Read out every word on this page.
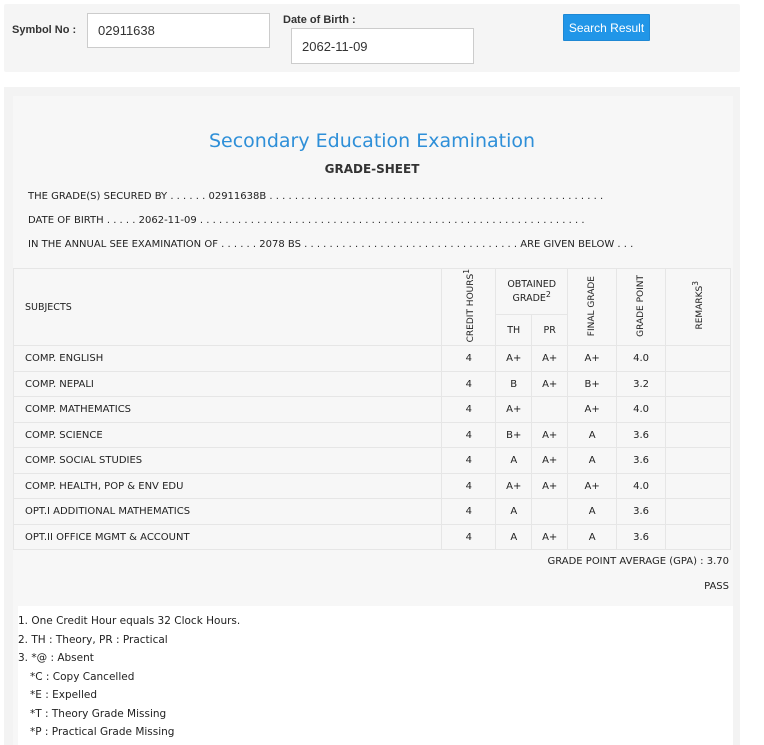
Symbol No :
02911638
Date of Birth :
2062-11-09
Search Result
Secondary Education Examination
GRADE-SHEET
THE GRADE(S) SECURED BY . . . . . . 02911638B . . . . . . . . . . . . . . . . . . . . . . . . . . . . . . . . . . . . . . . . . . . . . . . . . . . . .
DATE OF BIRTH . . . . . 2062-11-09 . . . . . . . . . . . . . . . . . . . . . . . . . . . . . . . . . . . . . . . . . . . . . . . . . . . . . . . . . . . . .
IN THE ANNUAL SEE EXAMINATION OF . . . . . . 2078 BS . . . . . . . . . . . . . . . . . . . . . . . . . . . . . . . . . . ARE GIVEN BELOW . . .
SUBJECTS	CREDIT HOURS$^1$	OBTAINED GRADE$^2$		FINAL GRADE	GRADE POINT	REMARKS$^3$
		TH	PR			
COMP. ENGLISH	4	A+	A+	A+	4.0	
COMP. NEPALI	4	B	A+	B+	3.2	
COMP. MATHEMATICS	4	A+		A+	4.0	
COMP. SCIENCE	4	B+	A+	A	3.6	
COMP. SOCIAL STUDIES	4	A	A+	A	3.6	
COMP. HEALTH, POP & ENV EDU	4	A+	A+	A+	4.0	
OPT.I ADDITIONAL MATHEMATICS	4	A		A	3.6	
OPT.II OFFICE MGMT & ACCOUNT	4	A	A+	A	3.6	
GRADE POINT AVERAGE (GPA) : 3.70
PASS
1. One Credit Hour equals 32 Clock Hours.
2. TH : Theory, PR : Practical
3. *@ : Absent
*C : Copy Cancelled
*E : Expelled
*T : Theory Grade Missing
*P : Practical Grade Missing
